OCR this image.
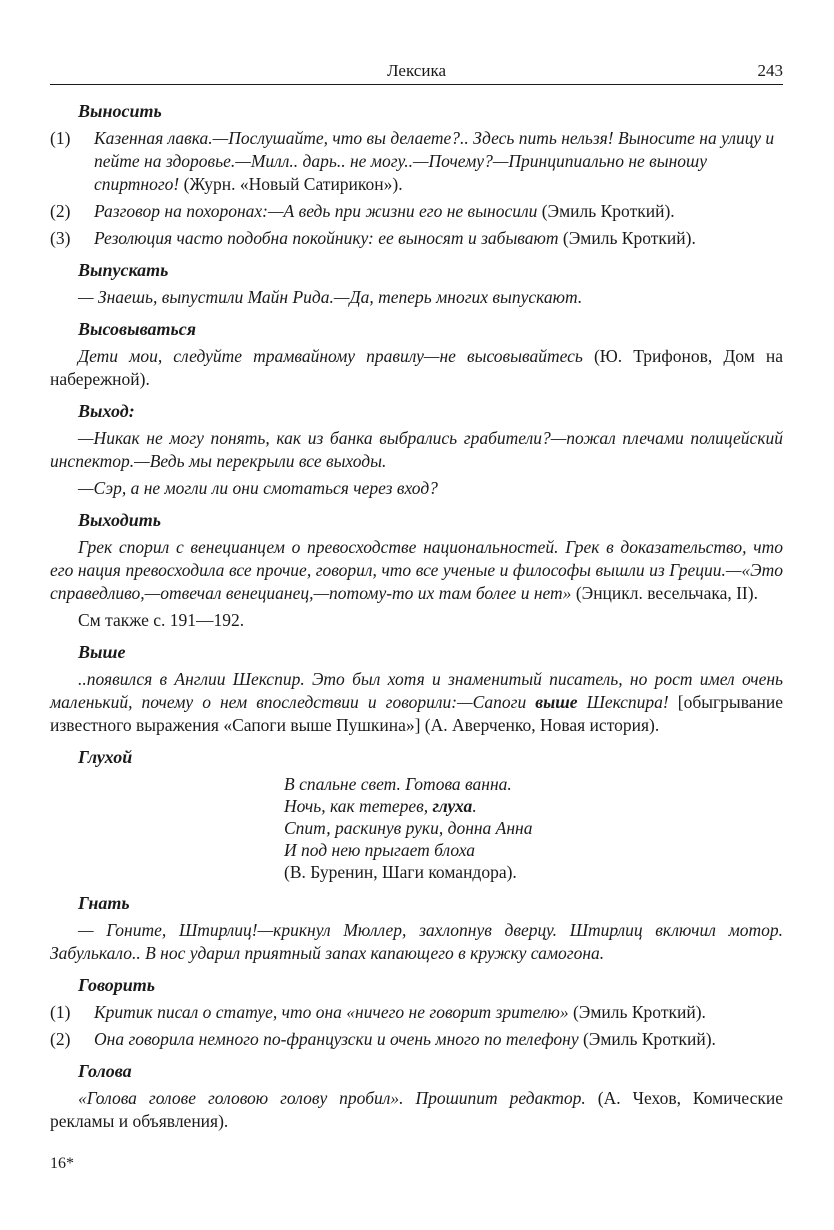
Лексика	243
Выносить
(1)	Казенная лавка.—Послушайте, что вы делаете?.. Здесь пить нельзя! Выносите на улицу и пейте на здоровье.—Милл.. дарь.. не могу..—Почему?—Принципиально не выношу спиртного! (Журн. «Новый Сатирикон»).
(2)	Разговор на похоронах:—А ведь при жизни его не выносили (Эмиль Кроткий).
(3)	Резолюция часто подобна покойнику: ее выносят и забывают (Эмиль Кроткий).
Выпускать
— Знаешь, выпустили Майн Рида.—Да, теперь многих выпускают.
Высовываться
Дети мои, следуйте трамвайному правилу—не высовывайтесь (Ю. Трифонов, Дом на набережной).
Выход:
—Никак не могу понять, как из банка выбрались грабители?—пожал плечами полицейский инспектор.—Ведь мы перекрыли все выходы.
—Сэр, а не могли ли они смотаться через вход?
Выходить
Грек спорил с венецианцем о превосходстве национальностей. Грек в доказательство, что его нация превосходила все прочие, говорил, что все ученые и философы вышли из Греции.—«Это справедливо,—отвечал венецианец,—потому-то их там более и нет» (Энцикл. весельчака, II).
См также с. 191—192.
Выше
..появился в Англии Шекспир. Это был хотя и знаменитый писатель, но рост имел очень маленький, почему о нем впоследствии и говорили:—Сапоги выше Шекспира! [обыгрывание известного выражения «Сапоги выше Пушкина»] (А. Аверченко, Новая история).
Глухой
В спальне свет. Готова ванна.
Ночь, как тетерев, глуха.
Спит, раскинув руки, донна Анна
И под нею прыгает блоха
(В. Буренин, Шаги командора).
Гнать
— Гоните, Штирлиц!—крикнул Мюллер, захлопнув дверцу. Штирлиц включил мотор. Забулькало.. В нос ударил приятный запах капающего в кружку самогона.
Говорить
(1)	Критик писал о статуе, что она «ничего не говорит зрителю» (Эмиль Кроткий).
(2)	Она говорила немного по-французски и очень много по телефону (Эмиль Кроткий).
Голова
«Голова голове головою голову пробил». Прошипит редактор. (А. Чехов, Комические рекламы и объявления).
16*
